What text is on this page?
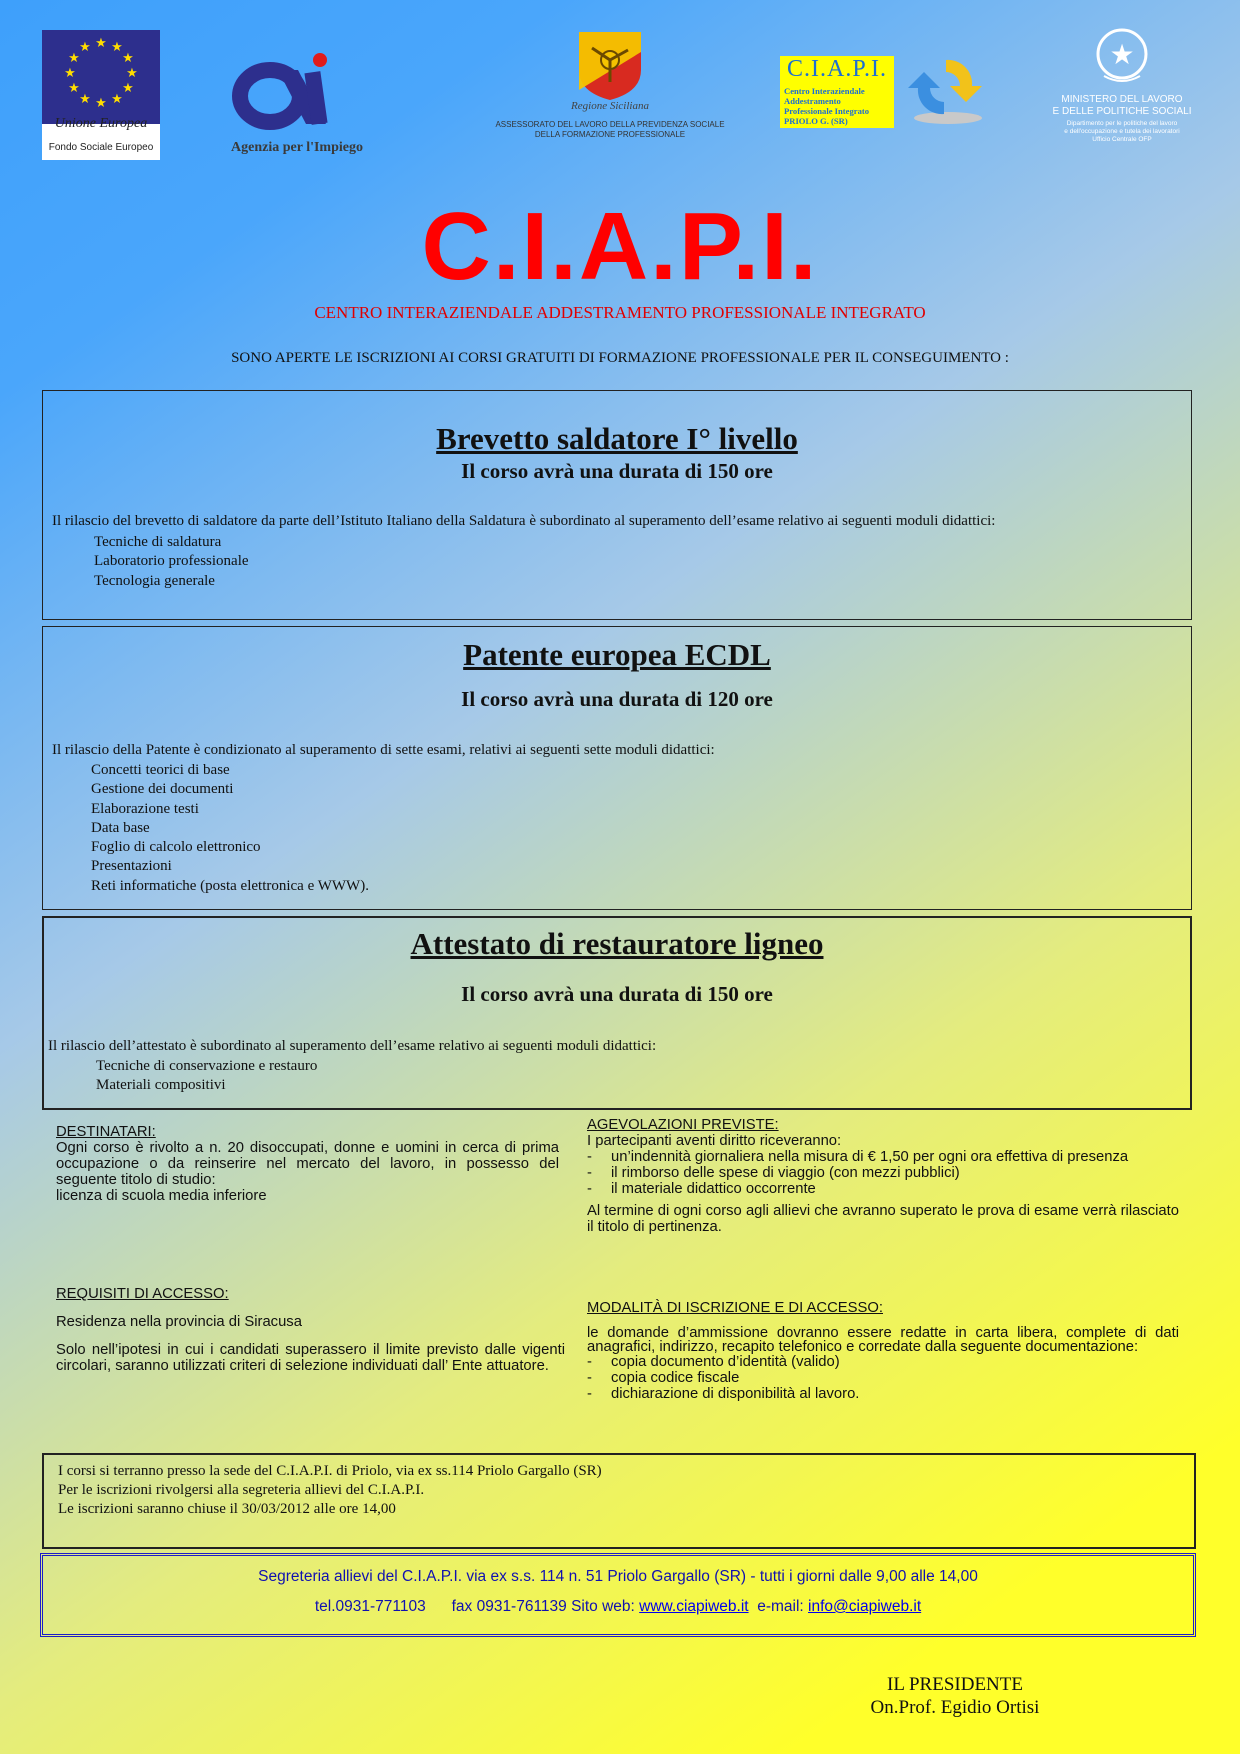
★ ★
★
★
★
★
★
★
★
★
★
★
Unione Europea
Fondo Sociale Europeo	Agenzia per l'Impiego
Regione Siciliana
ASSESSORATO DEL LAVORO DELLA PREVIDENZA SOCIALE
DELLA FORMAZIONE PROFESSIONALE
C.I.A.P.I.
Centro Interaziendale
Addestramento
Professionale Integrato
PRIOLO G. (SR)
★
MINISTERO DEL LAVORO
E DELLE POLITICHE SOCIALI
Dipartimento per le politiche del lavoro
e dell'occupazione e tutela dei lavoratori
Ufficio Centrale OFP
C.I.A.P.I.
CENTRO INTERAZIENDALE ADDESTRAMENTO PROFESSIONALE INTEGRATO
SONO APERTE LE ISCRIZIONI AI CORSI GRATUITI DI FORMAZIONE PROFESSIONALE PER IL CONSEGUIMENTO :
Brevetto saldatore I° livello
Il corso avrà una durata di 150 ore
Il rilascio del brevetto di saldatore da parte dell’Istituto Italiano della Saldatura è subordinato al superamento dell’esame relativo ai seguenti moduli didattici:
Tecniche di saldatura
Laboratorio professionale
Tecnologia generale
Patente europea ECDL
Il corso avrà una durata di 120 ore
Il rilascio della Patente è condizionato al superamento di sette esami, relativi ai seguenti sette moduli didattici:
Concetti teorici di base
Gestione dei documenti
Elaborazione testi
Data base
Foglio di calcolo elettronico
Presentazioni
Reti informatiche (posta elettronica e WWW).
Attestato di restauratore ligneo
Il corso avrà una durata di 150 ore
Il rilascio dell’attestato è subordinato al superamento dell’esame relativo ai seguenti moduli didattici:
Tecniche di conservazione e restauro
Materiali compositivi
DESTINATARI:
Ogni corso è rivolto a n. 20 disoccupati, donne e uomini in cerca di prima occupazione o da reinserire nel mercato del lavoro, in possesso del seguente titolo di studio:
licenza di scuola media inferiore
REQUISITI DI ACCESSO:
Residenza nella provincia di Siracusa
Solo nell’ipotesi in cui i candidati superassero il limite previsto dalle vigenti circolari, saranno utilizzati criteri di selezione individuati dall’ Ente attuatore.
AGEVOLAZIONI PREVISTE:
I partecipanti aventi diritto riceveranno:
- un’indennità giornaliera nella misura di € 1,50 per ogni ora effettiva di presenza
- il rimborso delle spese di viaggio (con mezzi pubblici)
- il materiale didattico occorrente
Al termine di ogni corso agli allievi che avranno superato le prova di esame verrà rilasciato il titolo di pertinenza.
MODALITÀ DI ISCRIZIONE E DI ACCESSO:
le domande d’ammissione dovranno essere redatte in carta libera, complete di dati anagrafici, indirizzo, recapito telefonico e corredate dalla seguente documentazione:
- copia documento d’identità (valido)
- copia codice fiscale
- dichiarazione di disponibilità al lavoro.
I corsi si terranno presso la sede del C.I.A.P.I. di Priolo, via ex ss.114 Priolo Gargallo (SR)
Per le iscrizioni rivolgersi alla segreteria allievi del C.I.A.P.I.
Le iscrizioni saranno chiuse il 30/03/2012 alle ore 14,00
Segreteria allievi del C.I.A.P.I. via ex s.s. 114 n. 51 Priolo Gargallo (SR) - tutti i giorni dalle 9,00 alle 14,00
tel.0931-771103 fax 0931-761139 Sito web: www.ciapiweb.it e-mail: info@ciapiweb.it
IL PRESIDENTE
On.Prof. Egidio Ortisi
